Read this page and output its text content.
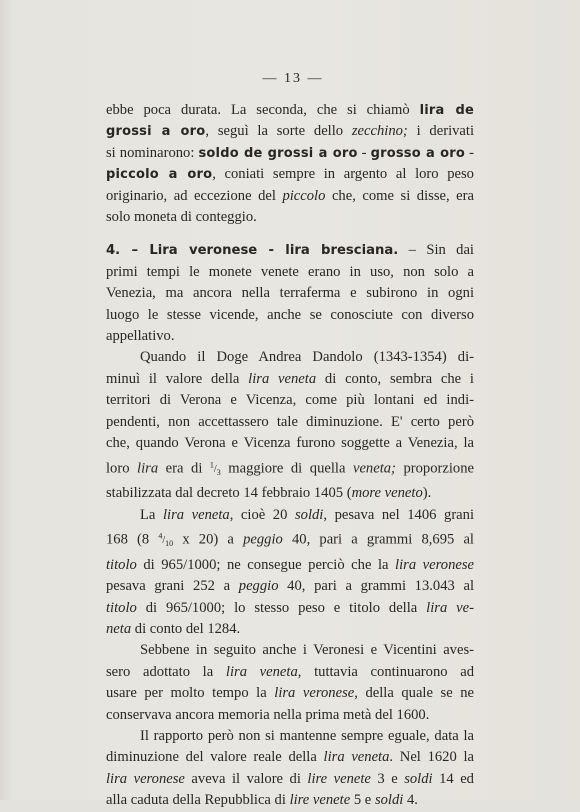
— 13 —
ebbe poca durata. La seconda, che si chiamò lira de
grossi a oro, seguì la sorte dello zecchino; i derivati
si nominarono: soldo de grossi a oro - grosso a oro -
piccolo a oro, coniati sempre in argento al loro peso
originario, ad eccezione del piccolo che, come si disse, era
solo moneta di conteggio.
4. – Lira veronese - lira bresciana. – Sin dai
primi tempi le monete venete erano in uso, non solo a
Venezia, ma ancora nella terraferma e subirono in ogni
luogo le stesse vicende, anche se conosciute con diverso
appellativo.
Quando il Doge Andrea Dandolo (1343-1354) di-
minuì il valore della lira veneta di conto, sembra che i
territori di Verona e Vicenza, come più lontani ed indi-
pendenti, non accettassero tale diminuzione. E' certo però
che, quando Verona e Vicenza furono soggette a Venezia, la
loro lira era di $^1/_3$ maggiore di quella veneta; proporzione
stabilizzata dal decreto 14 febbraio 1405 (more veneto).
La lira veneta, cioè 20 soldi, pesava nel 1406 grani
168 (8 $^4/_{10}$ x 20) a peggio 40, pari a grammi 8,695 al
titolo di 965/1000; ne consegue perciò che la lira veronese
pesava grani 252 a peggio 40, pari a grammi 13.043 al
titolo di 965/1000; lo stesso peso e titolo della lira ve-
neta di conto del 1284.
Sebbene in seguito anche i Veronesi e Vicentini aves-
sero adottato la lira veneta, tuttavia continuarono ad
usare per molto tempo la lira veronese, della quale se ne
conservava ancora memoria nella prima metà del 1600.
Il rapporto però non si mantenne sempre eguale, data la
diminuzione del valore reale della lira veneta. Nel 1620 la
lira veronese aveva il valore di lire venete 3 e soldi 14 ed
alla caduta della Repubblica di lire venete 5 e soldi 4.
